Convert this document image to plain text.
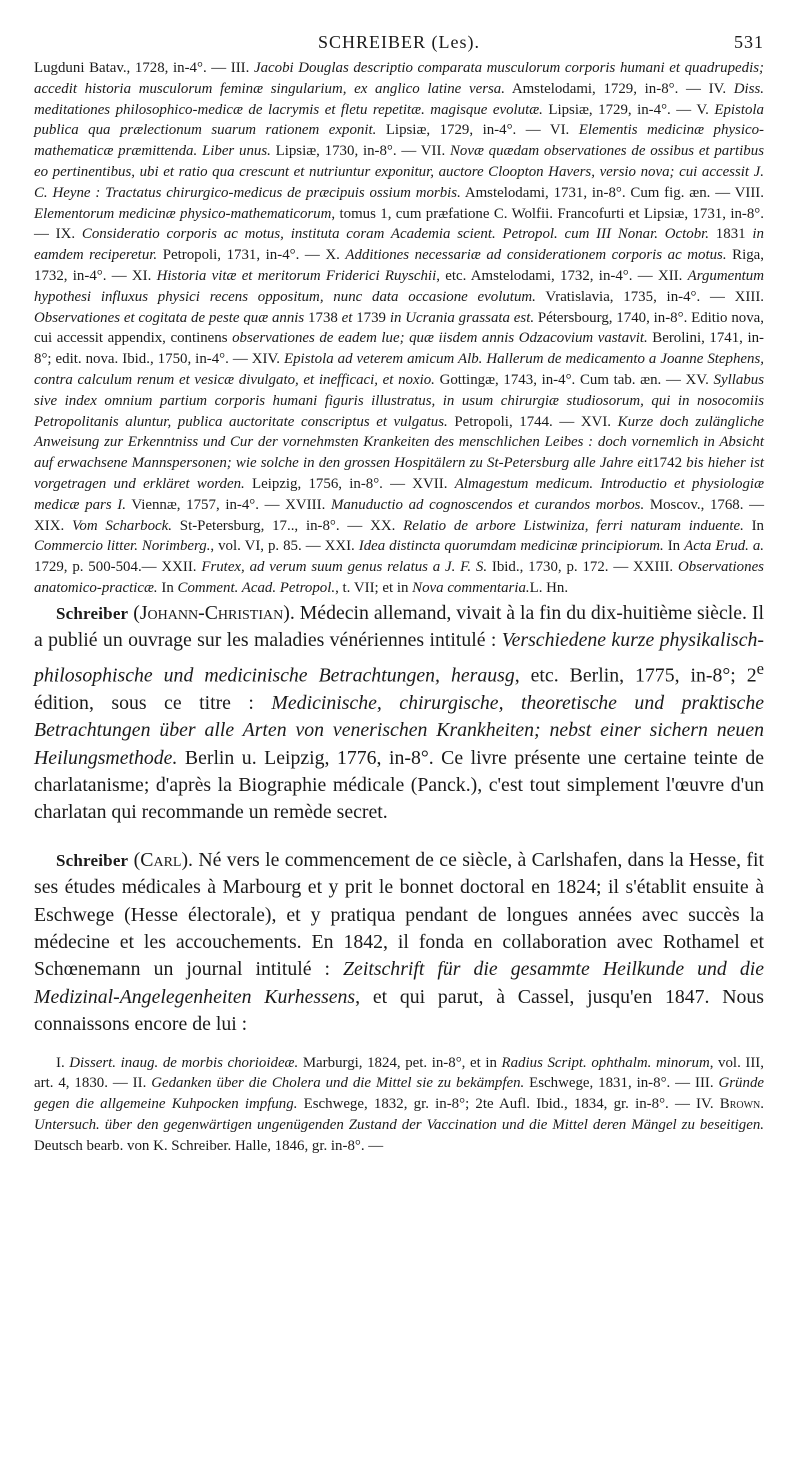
SCHREIBER (Les).	531
Lugduni Batav., 1728, in-4°. — III. Jacobi Douglas descriptio comparata musculorum corporis humani et quadrupedis; accedit historia musculorum feminæ singularium, ex anglico latine versa. Amstelodami, 1729, in-8°. — IV. Diss. meditationes philosophico-medicæ de lacrymis et fletu repetitæ. magisque evolutæ. Lipsiæ, 1729, in-4°. — V. Epistola publica qua prælectionum suarum rationem exponit. Lipsiæ, 1729, in-4°. — VI. Elementis medicinæ physico-mathematicæ præmittenda. Liber unus. Lipsiæ, 1730, in-8°. — VII. Novæ quædam observationes de ossibus et partibus eo pertinentibus, ubi et ratio qua crescunt et nutriuntur exponitur, auctore Cloopton Havers, versio nova; cui accessit J. C. Heyne : Tractatus chirurgico-medicus de præcipuis ossium morbis. Amstelodami, 1731, in-8°. Cum fig. æn. — VIII. Elementorum medicinæ physico-mathematicorum, tomus 1, cum præfatione C. Wolfii. Francofurti et Lipsiæ, 1731, in-8°. — IX. Consideratio corporis ac motus, instituta coram Academia scient. Petropol. cum III Nonar. Octobr. 1831 in eamdem reciperetur. Petropoli, 1731, in-4°. — X. Additiones necessariæ ad considerationem corporis ac motus. Riga, 1732, in-4°. — XI. Historia vitæ et meritorum Friderici Ruyschii, etc. Amstelodami, 1732, in-4°. — XII. Argumentum hypothesi influxus physici recens oppositum, nunc data occasione evolutum. Vratislavia, 1735, in-4°. — XIII. Observationes et cogitata de peste quæ annis 1738 et 1739 in Ucrania grassata est. Pétersbourg, 1740, in-8°. Editio nova, cui accessit appendix, continens observationes de eadem lue; quæ iisdem annis Odzacovium vastavit. Berolini, 1741, in-8°; edit. nova. Ibid., 1750, in-4°. — XIV. Epistola ad veterem amicum Alb. Hallerum de medicamento a Joanne Stephens, contra calculum renum et vesicæ divulgato, et inefficaci, et noxio. Gottingæ, 1743, in-4°. Cum tab. æn. — XV. Syllabus sive index omnium partium corporis humani figuris illustratus, in usum chirurgiæ studiosorum, qui in nosocomiis Petropolitanis aluntur, publica auctoritate conscriptus et vulgatus. Petropoli, 1744. — XVI. Kurze doch zulängliche Anweisung zur Erkenntniss und Cur der vornehmsten Krankeiten des menschlichen Leibes : doch vornemlich in Absicht auf erwachsene Mannspersonen; wie solche in den grossen Hospitälern zu St-Petersburg alle Jahre eit1742 bis hieher ist vorgetragen und erkläret worden. Leipzig, 1756, in-8°. — XVII. Almagestum medicum. Introductio et physiologiæ medicæ pars I. Viennæ, 1757, in-4°. — XVIII. Manuductio ad cognoscendos et curandos morbos. Moscov., 1768. — XIX. Vom Scharbock. St-Petersburg, 17.., in-8°. — XX. Relatio de arbore Listwiniza, ferri naturam induente. In Commercio litter. Norimberg., vol. VI, p. 85. — XXI. Idea distincta quorumdam medicinæ principiorum. In Acta Erud. a. 1729, p. 500-504.— XXII. Frutex, ad verum suum genus relatus a J. F. S. Ibid., 1730, p. 172. — XXIII. Observationes anatomico-practicæ. In Comment. Acad. Petropol., t. VII; et in Nova commentaria.L. Hn.
Schreiber (Johann-Christian). Médecin allemand, vivait à la fin du dix-huitième siècle. Il a publié un ouvrage sur les maladies vénériennes intitulé : Verschiedene kurze physikalisch-philosophische und medicinische Betrachtungen, herausg, etc. Berlin, 1775, in-8°; 2e édition, sous ce titre : Medicinische, chirurgische, theoretische und praktische Betrachtungen über alle Arten von venerischen Krankheiten; nebst einer sichern neuen Heilungsmethode. Berlin u. Leipzig, 1776, in-8°. Ce livre présente une certaine teinte de charlatanisme; d'après la Biographie médicale (Panck.), c'est tout simplement l'œuvre d'un charlatan qui recommande un remède secret.
Schreiber (Carl). Né vers le commencement de ce siècle, à Carlshafen, dans la Hesse, fit ses études médicales à Marbourg et y prit le bonnet doctoral en 1824; il s'établit ensuite à Eschwege (Hesse électorale), et y pratiqua pendant de longues années avec succès la médecine et les accouchements. En 1842, il fonda en collaboration avec Rothamel et Schœnemann un journal intitulé : Zeitschrift für die gesammte Heilkunde und die Medizinal-Angelegenheiten Kurhessens, et qui parut, à Cassel, jusqu'en 1847. Nous connaissons encore de lui :
I. Dissert. inaug. de morbis chorioideæ. Marburgi, 1824, pet. in-8°, et in Radius Script. ophthalm. minorum, vol. III, art. 4, 1830. — II. Gedanken über die Cholera und die Mittel sie zu bekämpfen. Eschwege, 1831, in-8°. — III. Gründe gegen die allgemeine Kuhpocken impfung. Eschwege, 1832, gr. in-8°; 2te Aufl. Ibid., 1834, gr. in-8°. — IV. Brown. Untersuch. über den gegenwärtigen ungenügenden Zustand der Vaccination und die Mittel deren Mängel zu beseitigen. Deutsch bearb. von K. Schreiber. Halle, 1846, gr. in-8°. —
